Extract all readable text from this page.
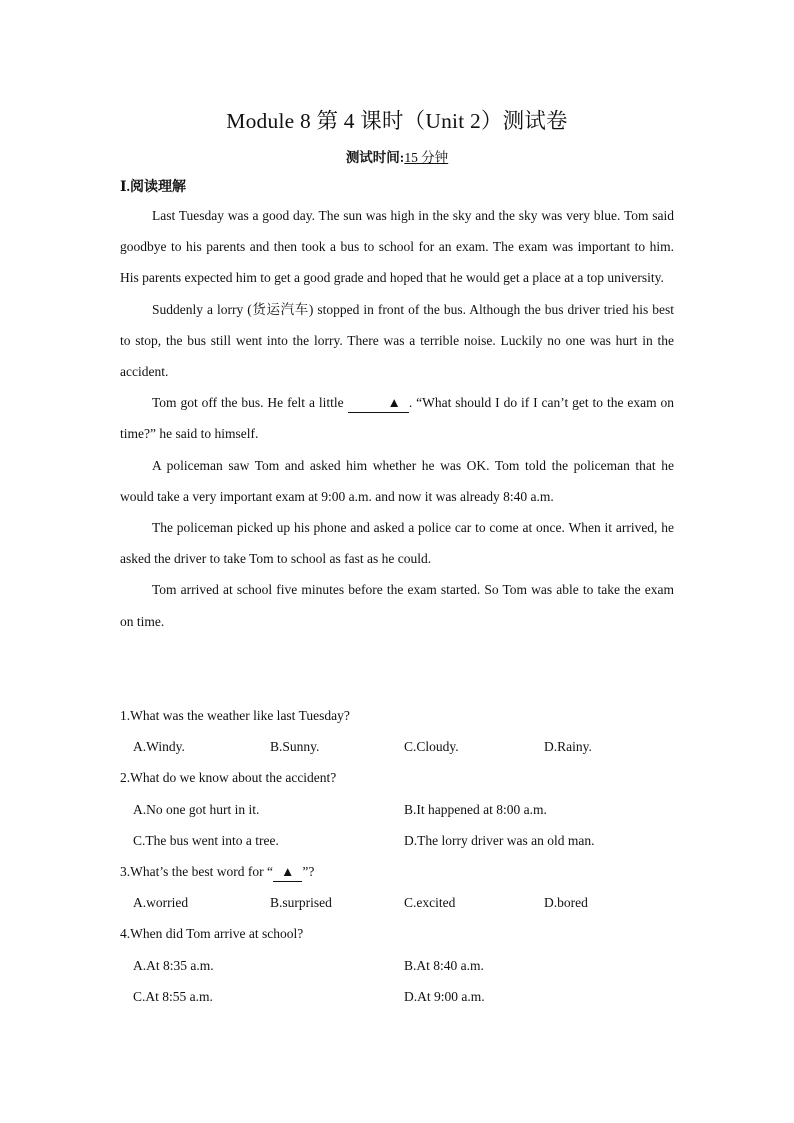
Module 8 第 4 课时（Unit 2）测试卷
测试时间:15 分钟
Ⅰ.阅读理解

Last Tuesday was a good day. The sun was high in the sky and the sky was very blue. Tom said goodbye to his parents and then took a bus to school for an exam. The exam was important to him. His parents expected him to get a good grade and hoped that he would get a place at a top university.

Suddenly a lorry (货运汽车) stopped in front of the bus. Although the bus driver tried his best to stop, the bus still went into the lorry. There was a terrible noise. Luckily no one was hurt in the accident.

Tom got off the bus. He felt a little	▲ . “What should I do if I can’t get to the exam on time?” he said to himself.

A policeman saw Tom and asked him whether he was OK. Tom told the policeman that he would take a very important exam at 9:00 a.m. and now it was already 8:40 a.m.

The policeman picked up his phone and asked a police car to come at once. When it arrived, he asked the driver to take Tom to school as fast as he could.

Tom arrived at school five minutes before the exam started. So Tom was able to take the exam on time.

1.What was the weather like last Tuesday?
A.Windy.	B.Sunny.	C.Cloudy.	D.Rainy.
2.What do we know about the accident?
A.No one got hurt in it.	B.It happened at 8:00 a.m.
C.The bus went into a tree.	D.The lorry driver was an old man.
3.What’s the best word for “ ▲ ”?
A.worried	B.surprised	C.excited	D.bored
4.When did Tom arrive at school?
A.At 8:35 a.m.	B.At 8:40 a.m.
C.At 8:55 a.m.	D.At 9:00 a.m.
